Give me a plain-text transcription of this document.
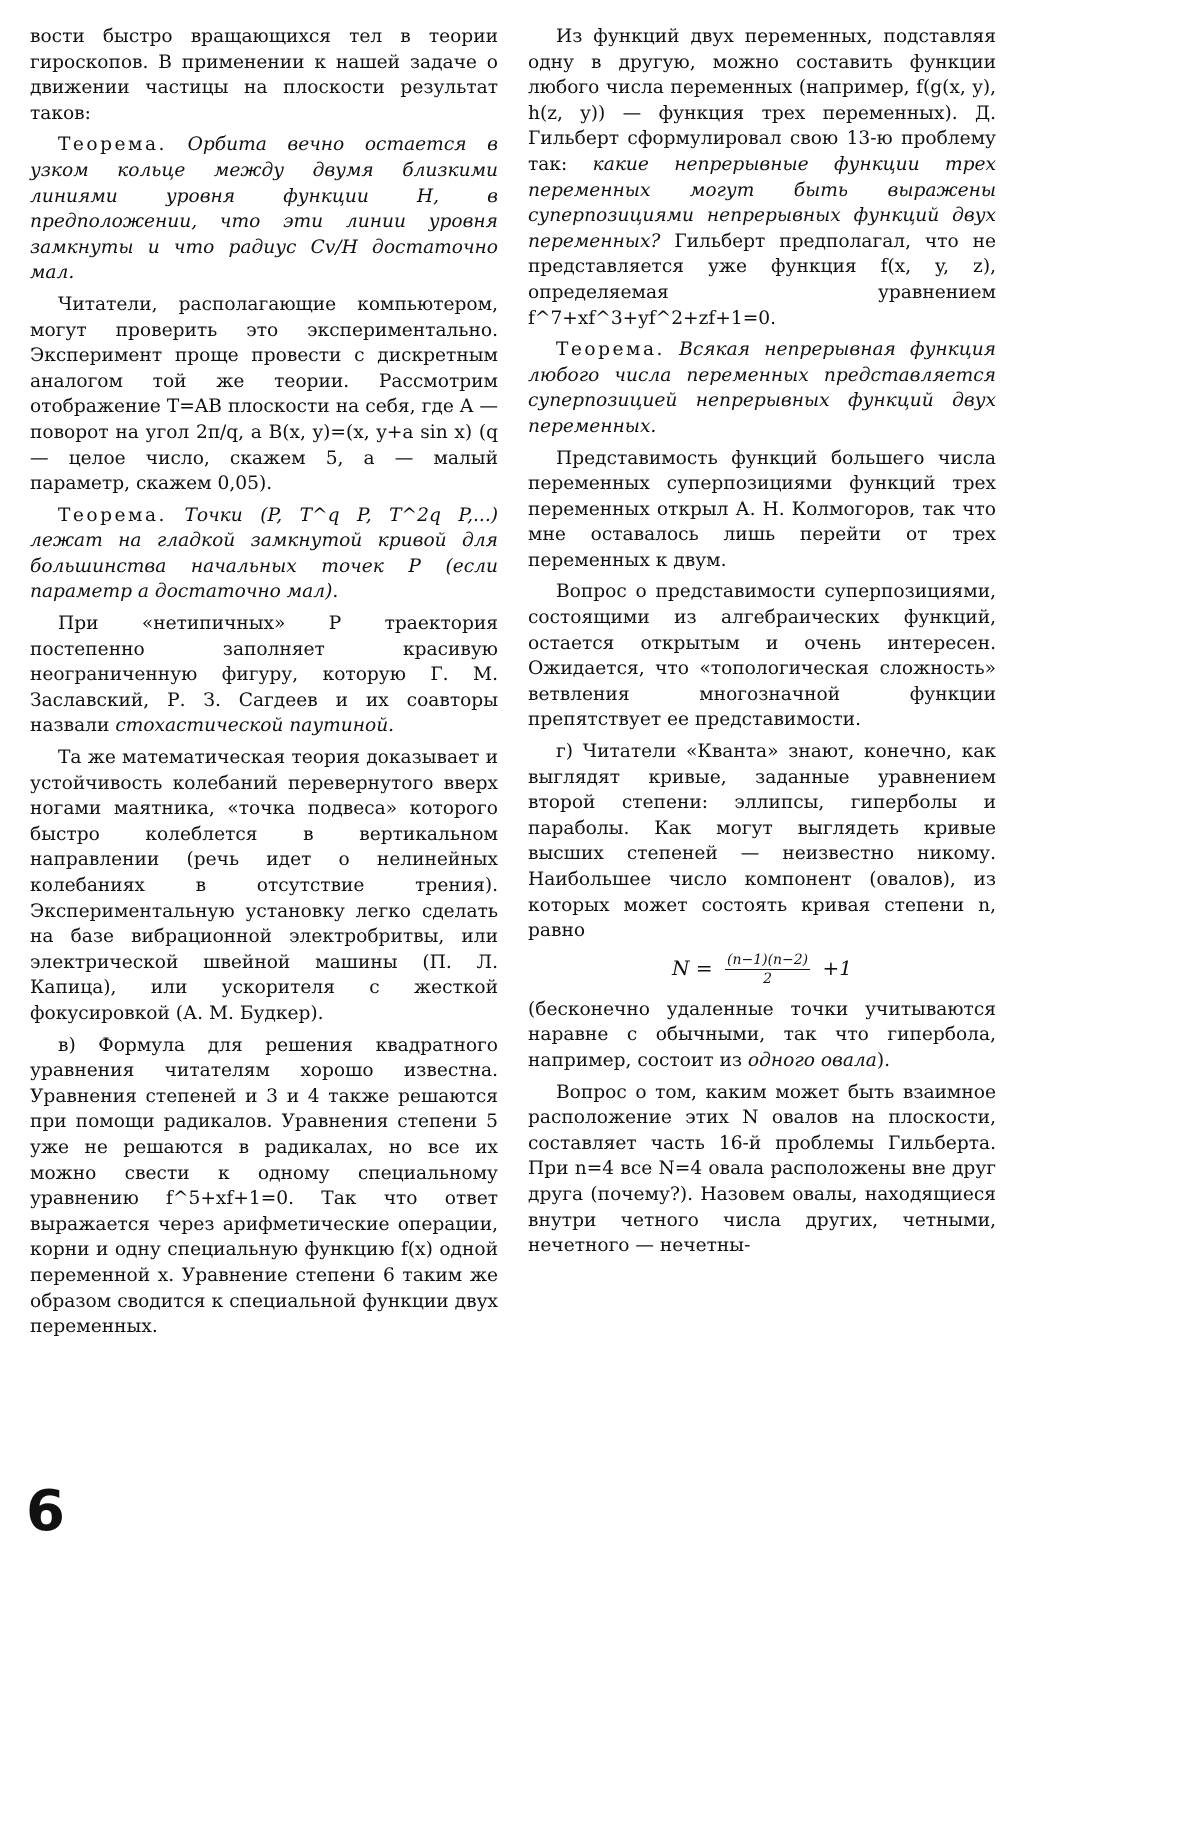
вости быстро вращающихся тел в теории гироскопов. В применении к нашей задаче о движении частицы на плоскости результат таков:

Теорема. Орбита вечно остается в узком кольце между двумя близкими линиями уровня функции H, в предположении, что эти линии уровня замкнуты и что радиус Cv/H достаточно мал.

Читатели, располагающие компьютером, могут проверить это экспериментально. Эксперимент проще провести с дискретным аналогом той же теории. Рассмотрим отображение T=AB плоскости на себя, где A — поворот на угол 2π/q, а B(x, y)=(x, y+a sin x) (q — целое число, скажем 5, a — малый параметр, скажем 0,05).

Теорема. Точки (P, T^q P, T^2q P,...) лежат на гладкой замкнутой кривой для большинства начальных точек P (если параметр a достаточно мал).

При «нетипичных» P траектория постепенно заполняет красивую неограниченную фигуру, которую Г. М. Заславский, Р. З. Сагдеев и их соавторы назвали стохастической паутиной.

Та же математическая теория доказывает и устойчивость колебаний перевернутого вверх ногами маятника, «точка подвеса» которого быстро колеблется в вертикальном направлении (речь идет о нелинейных колебаниях в отсутствие трения). Экспериментальную установку легко сделать на базе вибрационной электробритвы, или электрической швейной машины (П. Л. Капица), или ускорителя с жесткой фокусировкой (А. М. Будкер).

в) Формула для решения квадратного уравнения читателям хорошо известна. Уравнения степеней и 3 и 4 также решаются при помощи радикалов. Уравнения степени 5 уже не решаются в радикалах, но все их можно свести к одному специальному уравнению f^5+xf+1=0. Так что ответ выражается через арифметические операции, корни и одну специальную функцию f(x) одной переменной x. Уравнение степени 6 таким же образом сводится к специальной функции двух переменных.

Из функций двух переменных, подставляя одну в другую, можно составить функции любого числа переменных (например, f(g(x, y), h(z, y)) — функция трех переменных). Д. Гильберт сформулировал свою 13-ю проблему так: какие непрерывные функции трех переменных могут быть выражены суперпозициями непрерывных функций двух переменных? Гильберт предполагал, что не представляется уже функция f(x, y, z), определяемая уравнением f^7+xf^3+yf^2+zf+1=0.

Теорема. Всякая непрерывная функция любого числа переменных представляется суперпозицией непрерывных функций двух переменных.

Представимость функций большего числа переменных суперпозициями функций трех переменных открыл А. Н. Колмогоров, так что мне оставалось лишь перейти от трех переменных к двум.

Вопрос о представимости суперпозициями, состоящими из алгебраических функций, остается открытым и очень интересен. Ожидается, что «топологическая сложность» ветвления многозначной функции препятствует ее представимости.

г) Читатели «Кванта» знают, конечно, как выглядят кривые, заданные уравнением второй степени: эллипсы, гиперболы и параболы. Как могут выглядеть кривые высших степеней — неизвестно никому. Наибольшее число компонент (овалов), из которых может состоять кривая степени n, равно

$N = \frac{(n-1)(n-2)}{2} +1$

(бесконечно удаленные точки учитываются наравне с обычными, так что гипербола, например, состоит из одного овала).

Вопрос о том, каким может быть взаимное расположение этих N овалов на плоскости, составляет часть 16-й проблемы Гильберта. При n=4 все N=4 овала расположены вне друг друга (почему?). Назовем овалы, находящиеся внутри четного числа других, четными, нечетного — нечетны-

6
